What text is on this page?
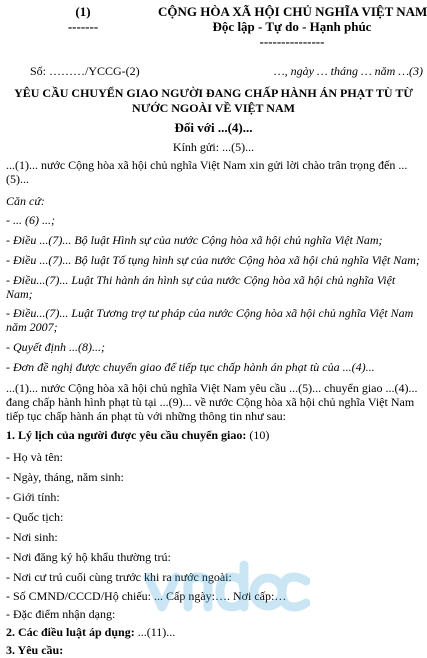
(1)
-------
CỘNG HÒA XÃ HỘI CHỦ NGHĨA VIỆT NAM
Độc lập - Tự do - Hạnh phúc
---------------
Số: ………/YCCG-(2)	…, ngày … tháng … năm …(3)
YÊU CẦU CHUYỂN GIAO NGƯỜI ĐANG CHẤP HÀNH ÁN PHẠT TÙ TỪ
NƯỚC NGOÀI VỀ VIỆT NAM
Đối với ...(4)...
Kính gửi: ...(5)...
...(1)... nước Cộng hòa xã hội chủ nghĩa Việt Nam xin gửi lời chào trân trọng đến ...(5)...
Căn cứ:
- ... (6) ...;
- Điều ...(7)... Bộ luật Hình sự của nước Cộng hòa xã hội chủ nghĩa Việt Nam;
- Điều ...(7)... Bộ luật Tố tụng hình sự của nước Cộng hòa xã hội chủ nghĩa Việt Nam;
- Điều...(7)... Luật Thi hành án hình sự của nước Cộng hòa xã hội chủ nghĩa Việt Nam;
- Điều...(7)... Luật Tương trợ tư pháp của nước Cộng hòa xã hội chủ nghĩa Việt Nam năm 2007;
- Quyết định ...(8)...;
- Đơn đề nghị được chuyển giao để tiếp tục chấp hành án phạt tù của ...(4)...
...(1)... nước Cộng hòa xã hội chủ nghĩa Việt Nam yêu cầu ...(5)... chuyển giao ...(4)... đang chấp hành hình phạt tù tại ...(9)... về nước Cộng hòa xã hội chủ nghĩa Việt Nam tiếp tục chấp hành án phạt tù với những thông tin như sau:
1. Lý lịch của người được yêu cầu chuyển giao: (10)
- Họ và tên:
- Ngày, tháng, năm sinh:
- Giới tính:
- Quốc tịch:
- Nơi sinh:
- Nơi đăng ký hộ khẩu thường trú:
- Nơi cư trú cuối cùng trước khi ra nước ngoài:
- Số CMND/CCCD/Hộ chiếu: ... Cấp ngày:…. Nơi cấp:…
- Đặc điểm nhận dạng:
2. Các điều luật áp dụng: ...(11)...
3. Yêu cầu:
